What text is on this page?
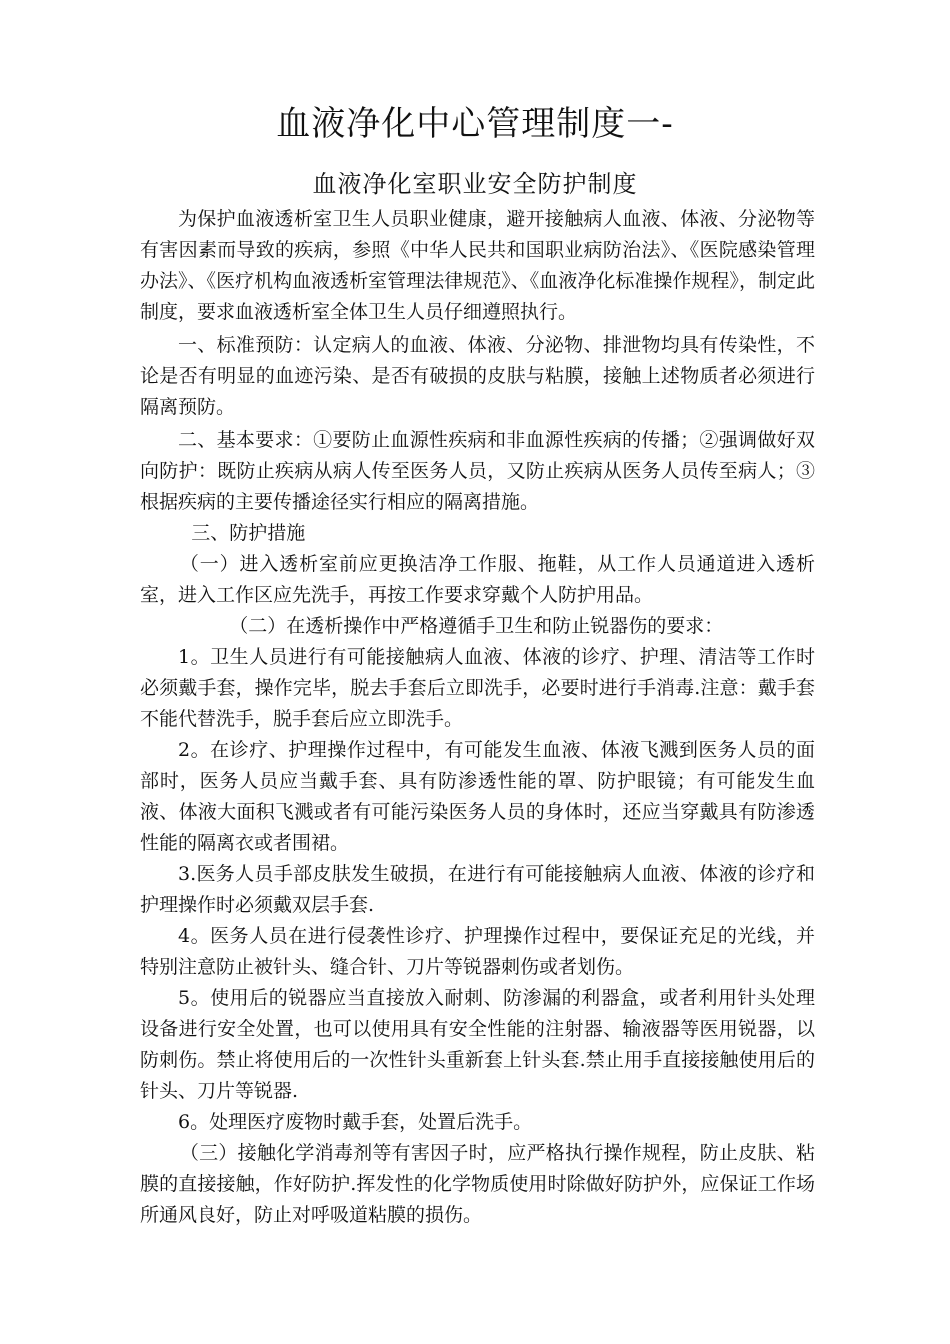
血液净化中心管理制度一-
血液净化室职业安全防护制度

为保护血液透析室卫生人员职业健康，避开接触病人血液、体液、分泌物等有害因素而导致的疾病，参照《中华人民共和国职业病防治法》、《医院感染管理办法》、《医疗机构血液透析室管理法律规范》、《血液净化标准操作规程》，制定此制度，要求血液透析室全体卫生人员仔细遵照执行。

一、标准预防：认定病人的血液、体液、分泌物、排泄物均具有传染性，不论是否有明显的血迹污染、是否有破损的皮肤与粘膜，接触上述物质者必须进行隔离预防。

二、基本要求：①要防止血源性疾病和非血源性疾病的传播；②强调做好双向防护：既防止疾病从病人传至医务人员，又防止疾病从医务人员传至病人；③根据疾病的主要传播途径实行相应的隔离措施。

三、防护措施

（一）进入透析室前应更换洁净工作服、拖鞋，从工作人员通道进入透析室，进入工作区应先洗手，再按工作要求穿戴个人防护用品。

（二）在透析操作中严格遵循手卫生和防止锐器伤的要求：

1。卫生人员进行有可能接触病人血液、体液的诊疗、护理、清洁等工作时必须戴手套，操作完毕，脱去手套后立即洗手，必要时进行手消毒.注意：戴手套不能代替洗手，脱手套后应立即洗手。

2。在诊疗、护理操作过程中，有可能发生血液、体液飞溅到医务人员的面部时，医务人员应当戴手套、具有防渗透性能的罩、防护眼镜；有可能发生血液、体液大面积飞溅或者有可能污染医务人员的身体时，还应当穿戴具有防渗透性能的隔离衣或者围裙。

3.医务人员手部皮肤发生破损，在进行有可能接触病人血液、体液的诊疗和护理操作时必须戴双层手套.

4。医务人员在进行侵袭性诊疗、护理操作过程中，要保证充足的光线，并特别注意防止被针头、缝合针、刀片等锐器刺伤或者划伤。

5。使用后的锐器应当直接放入耐刺、防渗漏的利器盒，或者利用针头处理设备进行安全处置，也可以使用具有安全性能的注射器、输液器等医用锐器，以防刺伤。禁止将使用后的一次性针头重新套上针头套.禁止用手直接接触使用后的针头、刀片等锐器.

6。处理医疗废物时戴手套，处置后洗手。

（三）接触化学消毒剂等有害因子时，应严格执行操作规程，防止皮肤、粘膜的直接接触，作好防护.挥发性的化学物质使用时除做好防护外，应保证工作场所通风良好，防止对呼吸道粘膜的损伤。
